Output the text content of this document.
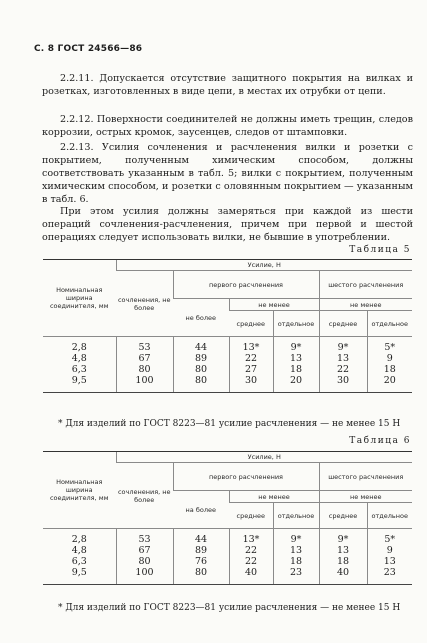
С. 8 ГОСТ 24566—86

2.2.11. Допускается отсутствие защитного покрытия на вилках и розетках, изготовленных в виде цепи, в местах их отрубки от цепи.

2.2.12. Поверхности соединителей не должны иметь трещин, следов коррозии, острых кромок, заусенцев, следов от штамповки.

2.2.13. Усилия сочленения и расчленения вилки и розетки с покрытием, полученным химическим способом, должны соответствовать указанным в табл. 5; вилки с покрытием, полученным химическим способом, и розетки с оловянным покрытием — указанным в табл. 6.

При этом усилия должны замеряться при каждой из шести операций сочленения-расчленения, причем при первой и шестой операциях следует использовать вилки, не бывшие в употреблении.

Таблица 5
Номинальная ширина соединителя, мм	Усилие, Н					
	сочленения, не более	первого расчленения			шестого расчленения	
		не более	не менее		не менее	
			среднее	отдельное	среднее	отдельное
2,8	53	44	13*	9*	9*	5*
4,8	67	89	22	13	13	9
6,3	80	80	27	18	22	18
9,5	100	80	30	20	30	20

* Для изделий по ГОСТ 8223—81 усилие расчленения — не менее 15 Н

Таблица 6
Номинальная ширина соединителя, мм	Усилие, Н					
	сочленения, не более	первого расчленения			шестого расчленения	
		на более	не менее		не менее	
			среднее	отдельное	среднее	отдельное
2,8	53	44	13*	9*	9*	5*
4,8	67	89	22	13	13	9
6,3	80	76	22	18	18	13
9,5	100	80	40	23	40	23

* Для изделий по ГОСТ 8223—81 усилие расчленения — не менее 15 Н
